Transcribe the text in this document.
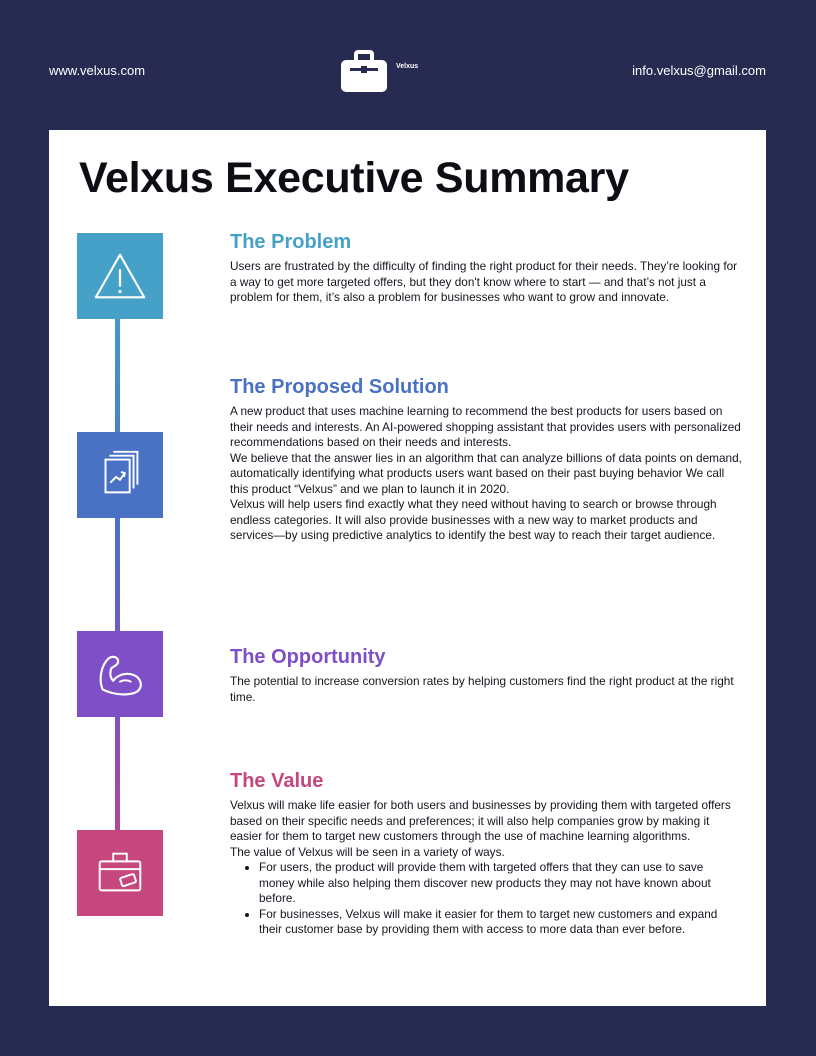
www.velxus.com	Velxus	info.velxus@gmail.com
Velxus Executive Summary
The Problem

Users are frustrated by the difficulty of finding the right product for their needs. They’re looking for a way to get more targeted offers, but they don't know where to start — and that’s not just a problem for them, it’s also a problem for businesses who want to grow and innovate.

The Proposed Solution

A new product that uses machine learning to recommend the best products for users based on their needs and interests. An AI-powered shopping assistant that provides users with personalized recommendations based on their needs and interests.

We believe that the answer lies in an algorithm that can analyze billions of data points on demand, automatically identifying what products users want based on their past buying behavior We call this product “Velxus” and we plan to launch it in 2020.

Velxus will help users find exactly what they need without having to search or browse through endless categories. It will also provide businesses with a new way to market products and services—by using predictive analytics to identify the best way to reach their target audience.

The Opportunity

The potential to increase conversion rates by helping customers find the right product at the right time.

The Value

Velxus will make life easier for both users and businesses by providing them with targeted offers based on their specific needs and preferences; it will also help companies grow by making it easier for them to target new customers through the use of machine learning algorithms.

The value of Velxus will be seen in a variety of ways.

For users, the product will provide them with targeted offers that they can use to save money while also helping them discover new products they may not have known about before.
For businesses, Velxus will make it easier for them to target new customers and expand their customer base by providing them with access to more data than ever before.
